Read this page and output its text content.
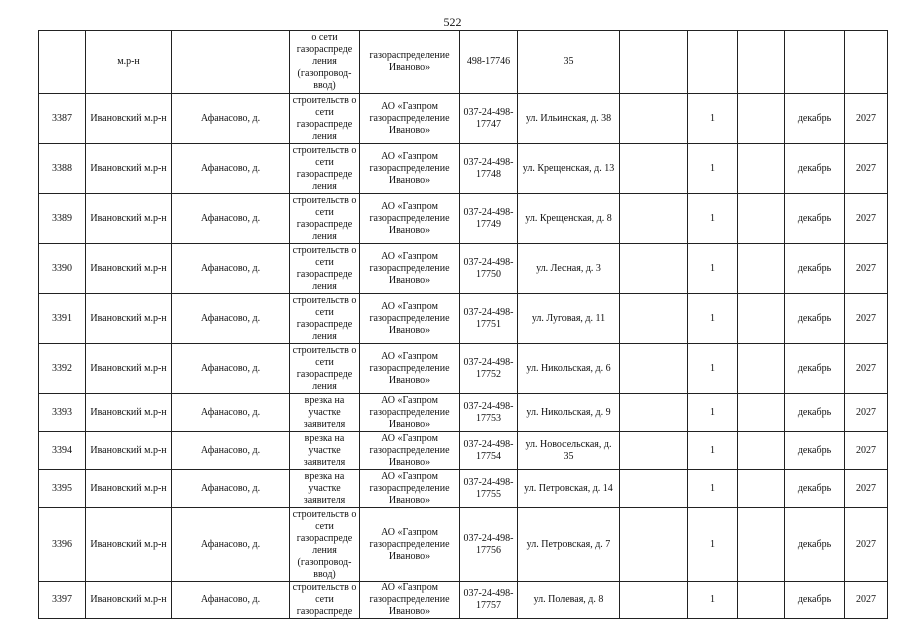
522
	м.р-н		о сети газораспреде ления (газопровод-ввод)	газораспределение Иваново»	498-17746	35					
3387	Ивановский м.р-н	Афанасово, д.	строительств о сети газораспреде ления	АО «Газпром газораспределение Иваново»	037-24-498-17747	ул. Ильинская, д. 38		1		декабрь	2027
3388	Ивановский м.р-н	Афанасово, д.	строительств о сети газораспреде ления	АО «Газпром газораспределение Иваново»	037-24-498-17748	ул. Крещенская, д. 13		1		декабрь	2027
3389	Ивановский м.р-н	Афанасово, д.	строительств о сети газораспреде ления	АО «Газпром газораспределение Иваново»	037-24-498-17749	ул. Крещенская, д. 8		1		декабрь	2027
3390	Ивановский м.р-н	Афанасово, д.	строительств о сети газораспреде ления	АО «Газпром газораспределение Иваново»	037-24-498-17750	ул. Лесная, д. 3		1		декабрь	2027
3391	Ивановский м.р-н	Афанасово, д.	строительств о сети газораспреде ления	АО «Газпром газораспределение Иваново»	037-24-498-17751	ул. Луговая, д. 11		1		декабрь	2027
3392	Ивановский м.р-н	Афанасово, д.	строительств о сети газораспреде ления	АО «Газпром газораспределение Иваново»	037-24-498-17752	ул. Никольская, д. 6		1		декабрь	2027
3393	Ивановский м.р-н	Афанасово, д.	врезка на участке заявителя	АО «Газпром газораспределение Иваново»	037-24-498-17753	ул. Никольская, д. 9		1		декабрь	2027
3394	Ивановский м.р-н	Афанасово, д.	врезка на участке заявителя	АО «Газпром газораспределение Иваново»	037-24-498-17754	ул. Новосельская, д. 35		1		декабрь	2027
3395	Ивановский м.р-н	Афанасово, д.	врезка на участке заявителя	АО «Газпром газораспределение Иваново»	037-24-498-17755	ул. Петровская, д. 14		1		декабрь	2027
3396	Ивановский м.р-н	Афанасово, д.	строительств о сети газораспреде ления (газопровод-ввод)	АО «Газпром газораспределение Иваново»	037-24-498-17756	ул. Петровская, д. 7		1		декабрь	2027
3397	Ивановский м.р-н	Афанасово, д.	строительств о сети газораспреде	АО «Газпром газораспределение Иваново»	037-24-498-17757	ул. Полевая, д. 8		1		декабрь	2027
